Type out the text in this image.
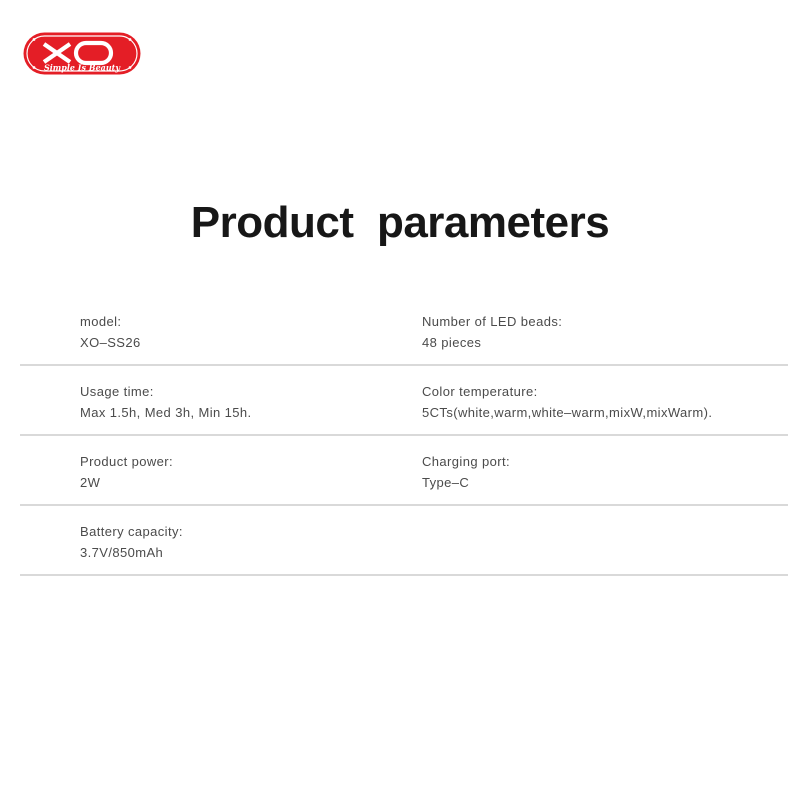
Simple Is Beauty
Product  parameters

model:

XO–SS26

Number of LED beads:

48 pieces

Usage time:

Max 1.5h, Med 3h, Min 15h.

Color temperature:

5CTs(white,warm,white–warm,mixW,mixWarm).

Product power:

2W

Charging port:

Type–C

Battery capacity:

3.7V/850mAh
